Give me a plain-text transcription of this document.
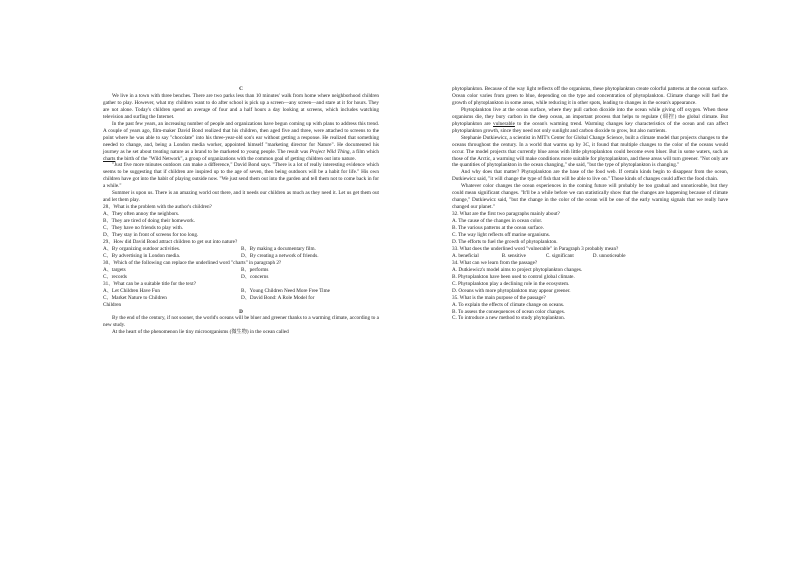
C

We live in a town with three benches. There are two parks less than 10 minutes' walk from home where neighborhood children gather to play. However, what my children want to do after school is pick up a screen—any screen—and stare at it for hours. They are not alone. Today's children spend an average of four and a half hours a day looking at screens, which includes watching television and surfing the Internet.

In the past few years, an increasing number of people and organizations have begun coming up with plans to address this trend. A couple of years ago, film-maker David Bond realized that his children, then aged five and three, were attached to screens to the point where he was able to say "chocolate" into his three-year-old son's ear without getting a response. He realized that something needed to change, and, being a London media worker, appointed himself "marketing director for Nature". He documented his journey as he set about treating nature as a brand to be marketed to young people. The result was Project Wild Thing, a film which charts the birth of the "Wild Network", a group of organizations with the common goal of getting children out into nature.

"Just five more minutes outdoors can make a difference," David Bond says. "There is a lot of really interesting evidence which seems to be suggesting that if children are inspired up to the age of seven, then being outdoors will be a habit for life." His own children have got into the habit of playing outside now. "We just send them out into the garden and tell them not to come back in for a while."

Summer is upon us. There is an amazing world out there, and it needs our children as much as they need it. Let us get them out and let them play.

28、What is the problem with the author's children?

A、They often annoy the neighbors.

B、They are tired of doing their homework.

C、They have no friends to play with.

D、They stay in front of screens for too long.

29、How did David Bond attract children to get out into nature?

A、By organizing outdoor activities.	B、By making a documentary film.
C、By advertising in London media.	D、By creating a network of friends.

30、Which of the following can replace the underlined word "charts" in paragraph 2?

A、targets	B、performs
C、records	D、concerns

31、What can be a suitable title for the text?

A、Let Children Have Fun	B、Young Children Need More Free Time
C、Market Nature to Children	D、David Bond: A Role Model for

Children

D

By the end of the century, if not sooner, the world's oceans will be bluer and greener thanks to a warming climate, according to a new study.

At the heart of the phenomenon lie tiny microorganisms (微生物) in the ocean called

phytoplankton. Because of the way light reflects off the organisms, these phytoplankton create colorful patterns at the ocean surface. Ocean color varies from green to blue, depending on the type and concentration of phytoplankton. Climate change will fuel the growth of phytoplankton in some areas, while reducing it in other spots, leading to changes in the ocean's appearance.

Phytoplankton live at the ocean surface, where they pull carbon dioxide into the ocean while giving off oxygen. When these organisms die, they bury carbon in the deep ocean, an important process that helps to regulate (调控) the global climate. But phytoplankton are vulnerable to the ocean's warming trend. Warming changes key characteristics of the ocean and can affect phytoplankton growth, since they need not only sunlight and carbon dioxide to grow, but also nutrients.

Stephanie Dutkiewicz, a scientist in MIT's Center for Global Change Science, built a climate model that projects changes to the oceans throughout the century. In a world that warms up by 3C, it found that multiple changes to the color of the oceans would occur. The model projects that currently blue areas with little phytoplankton could become even bluer. But in some waters, such as those of the Arctic, a warming will make conditions more suitable for phytoplankton, and these areas will turn greener. "Not only are the quantities of phytoplankton in the ocean changing," she said, "but the type of phytoplankton is changing."

And why does that matter? Phytoplankton are the base of the food web. If certain kinds begin to disappear from the ocean, Dutkiewicz said, "it will change the type of fish that will be able to live on." Those kinds of changes could affect the food chain.

Whatever color changes the ocean experiences in the coming future will probably be too gradual and unnoticeable, but they could mean significant changes. "It'll be a while before we can statistically show that the changes are happening because of climate change," Dutkiewicz said, "but the change in the color of the ocean will be one of the early warning signals that we really have changed our planet."

32. What are the first two paragraphs mainly about?

A. The cause of the changes in ocean color.

B. The various patterns at the ocean surface.

C. The way light reflects off marine organisms.

D. The efforts to fuel the growth of phytoplankton.

33. What does the underlined word "vulnerable" in Paragraph 3 probably mean?

A. beneficial	B. sensitive	C. significant	D. unnoticeable

34. What can we learn from the passage?

A. Dutkiewicz's model aims to project phytoplankton changes.

B. Phytoplankton have been used to control global climate.

C. Phytoplankton play a declining role in the ecosystem.

D. Oceans with more phytoplankton may appear greener.

35. What is the main purpose of the passage?

A. To explain the effects of climate change on oceans.

B. To assess the consequences of ocean color changes.

C. To introduce a new method to study phytoplankton.
